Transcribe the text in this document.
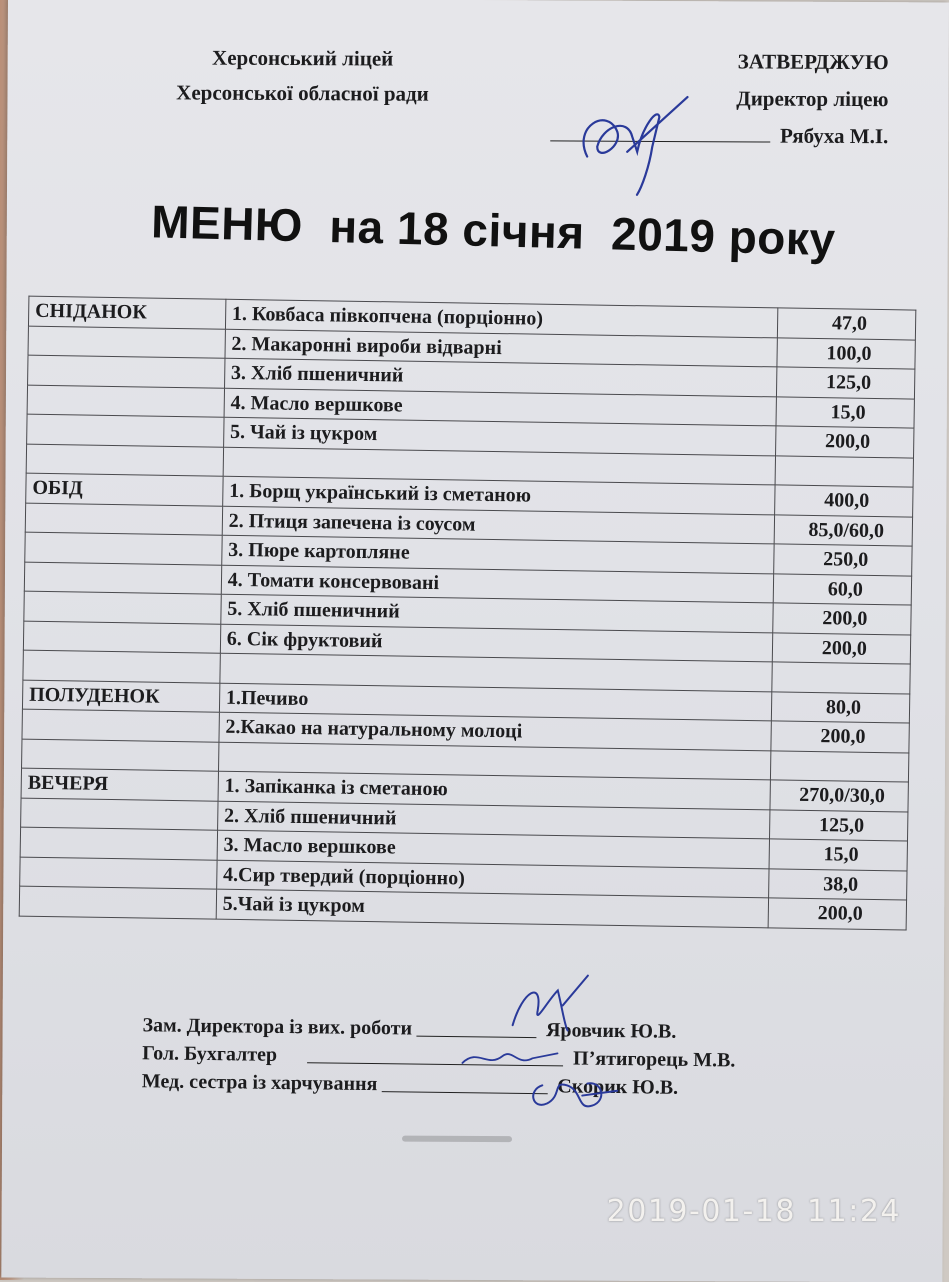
Херсонський ліцей
Херсонської обласної ради
ЗАТВЕРДЖУЮ
Директор ліцею
Рябуха М.І.
МЕНЮ  на 18 січня  2019 року
СНІДАНОК	1. Ковбаса півкопчена (порціонно)	47,0
	2. Макаронні вироби відварні	100,0
	3. Хліб пшеничний	125,0
	4. Масло вершкове	15,0
	5. Чай із цукром	200,0

ОБІД	1. Борщ український із сметаною	400,0
	2. Птиця запечена із соусом	85,0/60,0
	3. Пюре картопляне	250,0
	4. Томати консервовані	60,0
	5. Хліб пшеничний	200,0
	6. Сік фруктовий	200,0

ПОЛУДЕНОК	1.Печиво	80,0
	2.Какао на натуральному молоці	200,0

ВЕЧЕРЯ	1. Запіканка із сметаною	270,0/30,0
	2. Хліб пшеничний	125,0
	3. Масло вершкове	15,0
	4.Сир твердий (порціонно)	38,0
	5.Чай із цукром	200,0
Зам. Директора із вих. роботи	Яровчик Ю.В.
Гол. Бухгалтер	П’ятигорець М.В.
Мед. сестра із харчування	Скорик Ю.В.
2019-01-18 11:24
